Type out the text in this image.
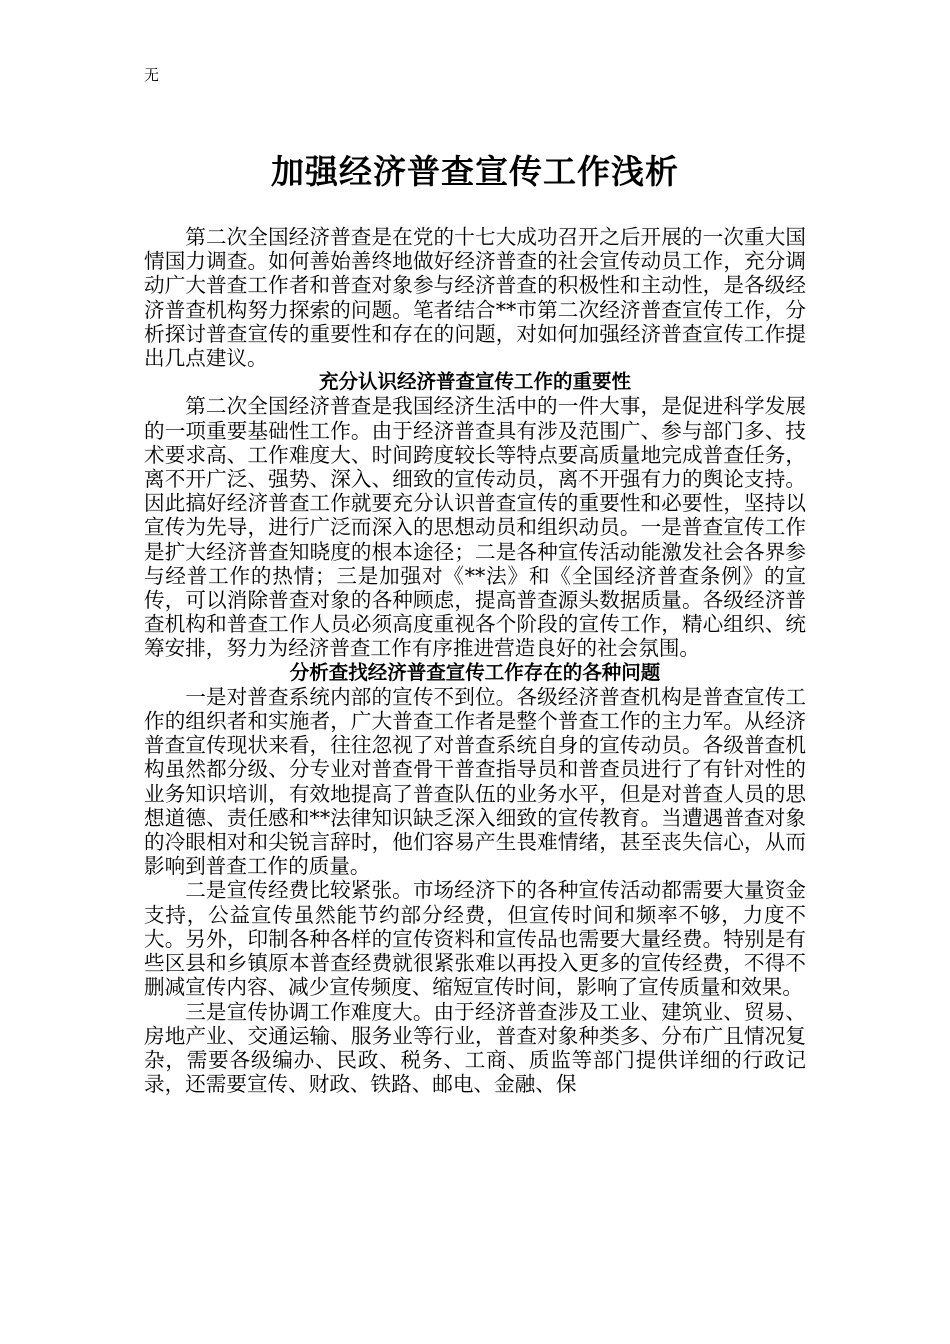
无
加强经济普查宣传工作浅析

第二次全国经济普查是在党的十七大成功召开之后开展的一次重大国情国力调查。如何善始善终地做好经济普查的社会宣传动员工作，充分调动广大普查工作者和普查对象参与经济普查的积极性和主动性，是各级经济普查机构努力探索的问题。笔者结合**市第二次经济普查宣传工作，分析探讨普查宣传的重要性和存在的问题，对如何加强经济普查宣传工作提出几点建议。

充分认识经济普查宣传工作的重要性

第二次全国经济普查是我国经济生活中的一件大事，是促进科学发展的一项重要基础性工作。由于经济普查具有涉及范围广、参与部门多、技术要求高、工作难度大、时间跨度较长等特点要高质量地完成普查任务，离不开广泛、强势、深入、细致的宣传动员，离不开强有力的舆论支持。因此搞好经济普查工作就要充分认识普查宣传的重要性和必要性，坚持以宣传为先导，进行广泛而深入的思想动员和组织动员。一是普查宣传工作是扩大经济普查知晓度的根本途径；二是各种宣传活动能激发社会各界参与经普工作的热情；三是加强对《**法》和《全国经济普查条例》的宣传，可以消除普查对象的各种顾虑，提高普查源头数据质量。各级经济普查机构和普查工作人员必须高度重视各个阶段的宣传工作，精心组织、统筹安排，努力为经济普查工作有序推进营造良好的社会氛围。

分析查找经济普查宣传工作存在的各种问题

一是对普查系统内部的宣传不到位。各级经济普查机构是普查宣传工作的组织者和实施者，广大普查工作者是整个普查工作的主力军。从经济普查宣传现状来看，往往忽视了对普查系统自身的宣传动员。各级普查机构虽然都分级、分专业对普查骨干普查指导员和普查员进行了有针对性的业务知识培训，有效地提高了普查队伍的业务水平，但是对普查人员的思想道德、责任感和**法律知识缺乏深入细致的宣传教育。当遭遇普查对象的冷眼相对和尖锐言辞时，他们容易产生畏难情绪，甚至丧失信心，从而影响到普查工作的质量。

二是宣传经费比较紧张。市场经济下的各种宣传活动都需要大量资金支持，公益宣传虽然能节约部分经费，但宣传时间和频率不够，力度不大。另外，印制各种各样的宣传资料和宣传品也需要大量经费。特别是有些区县和乡镇原本普查经费就很紧张难以再投入更多的宣传经费，不得不删减宣传内容、减少宣传频度、缩短宣传时间，影响了宣传质量和效果。

三是宣传协调工作难度大。由于经济普查涉及工业、建筑业、贸易、房地产业、交通运输、服务业等行业，普查对象种类多、分布广且情况复杂，需要各级编办、民政、税务、工商、质监等部门提供详细的行政记录，还需要宣传、财政、铁路、邮电、金融、保
